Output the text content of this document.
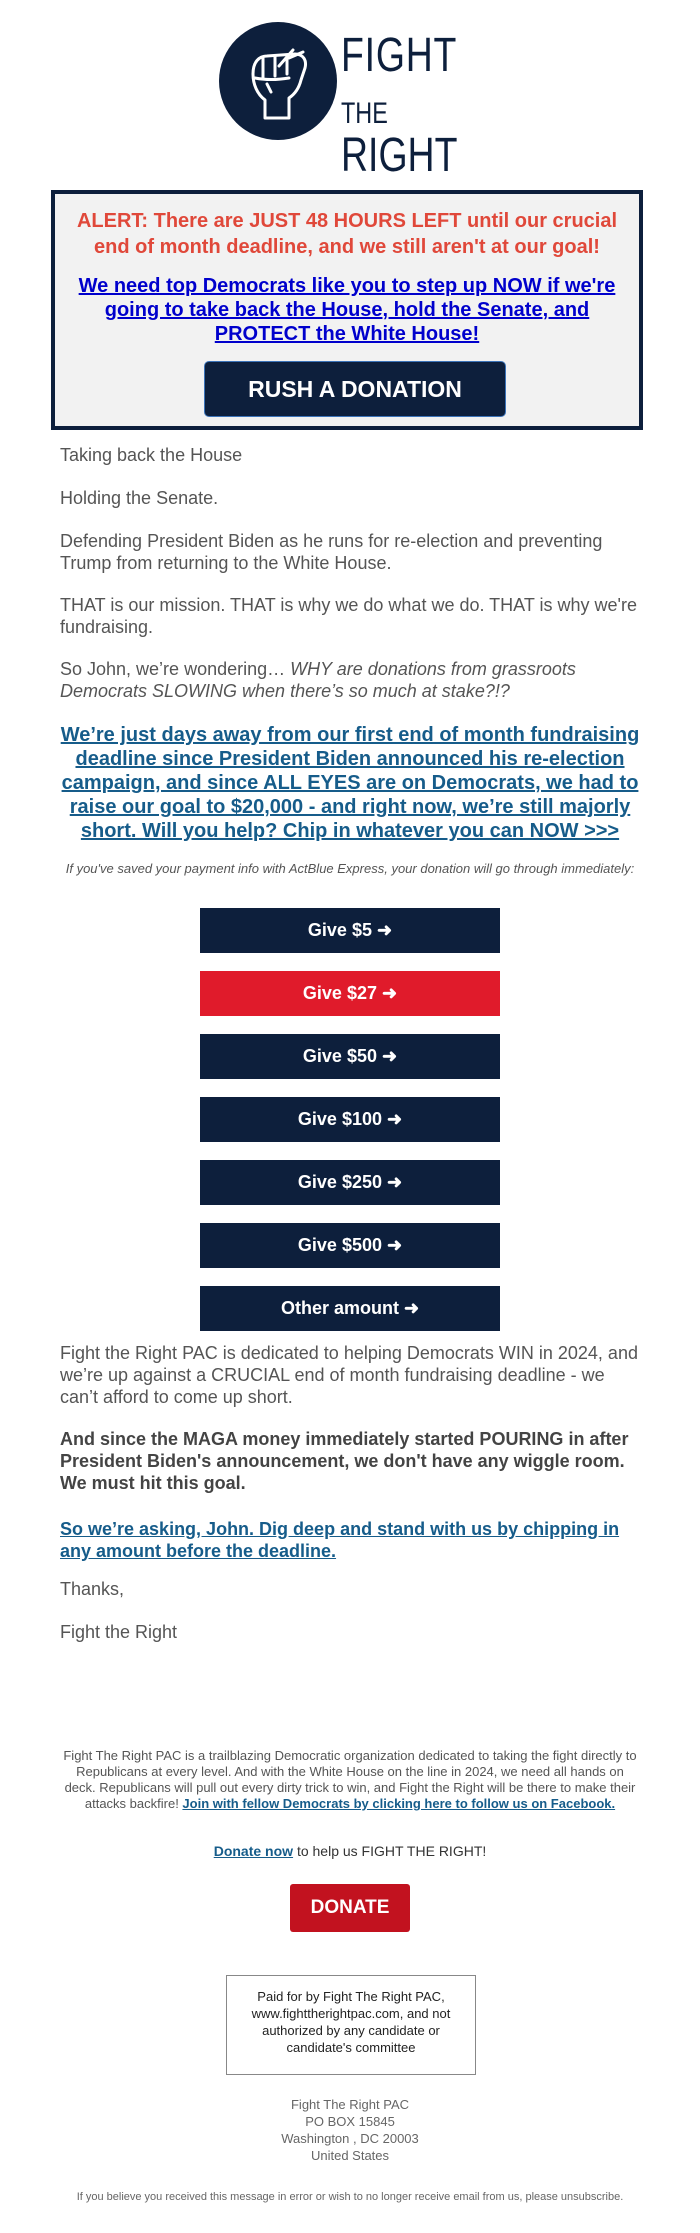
FIGHT
THE RIGHT
ALERT: There are JUST 48 HOURS LEFT until our crucial end of month deadline, and we still aren't at our goal!
We need top Democrats like you to step up NOW if we're going to take back the House, hold the Senate, and PROTECT the White House!
RUSH A DONATION
Taking back the House
Holding the Senate.
Defending President Biden as he runs for re-election and preventing Trump from returning to the White House.
THAT is our mission. THAT is why we do what we do. THAT is why we're fundraising.
So John, we’re wondering… WHY are donations from grassroots Democrats SLOWING when there’s so much at stake?!?
We’re just days away from our first end of month fundraising deadline since President Biden announced his re-election campaign, and since ALL EYES are on Democrats, we had to raise our goal to $20,000 - and right now, we’re still majorly short. Will you help? Chip in whatever you can NOW >>>
If you've saved your payment info with ActBlue Express, your donation will go through immediately:
Give $5 ➜
Give $27 ➜
Give $50 ➜
Give $100 ➜
Give $250 ➜
Give $500 ➜
Other amount ➜
Fight the Right PAC is dedicated to helping Democrats WIN in 2024, and we’re up against a CRUCIAL end of month fundraising deadline - we can’t afford to come up short.
And since the MAGA money immediately started POURING in after President Biden's announcement, we don't have any wiggle room. We must hit this goal.
So we’re asking, John. Dig deep and stand with us by chipping in any amount before the deadline.
Thanks,
Fight the Right
Fight The Right PAC is a trailblazing Democratic organization dedicated to taking the fight directly to Republicans at every level. And with the White House on the line in 2024, we need all hands on deck. Republicans will pull out every dirty trick to win, and Fight the Right will be there to make their attacks backfire! Join with fellow Democrats by clicking here to follow us on Facebook.
Donate now to help us FIGHT THE RIGHT!
DONATE
Paid for by Fight The Right PAC, www.fighttherightpac.com, and not authorized by any candidate or candidate's committee
Fight The Right PAC
PO BOX 15845
Washington , DC 20003
United States
If you believe you received this message in error or wish to no longer receive email from us, please unsubscribe.
